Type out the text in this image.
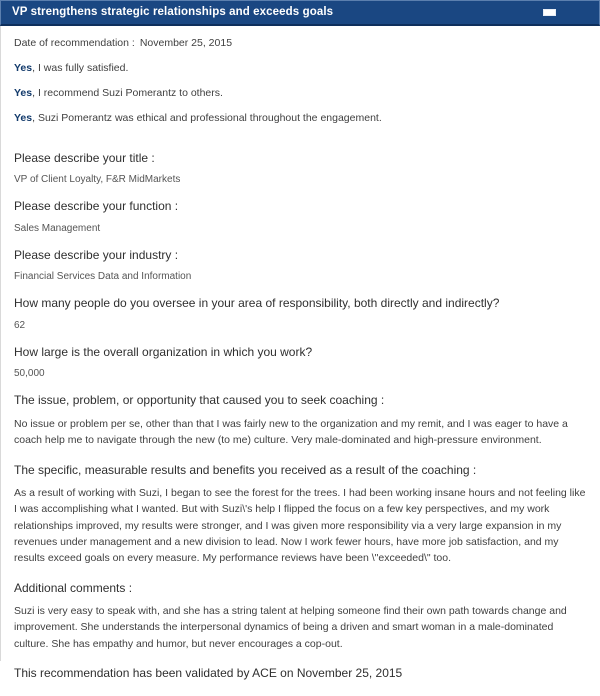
VP strengthens strategic relationships and exceeds goals
Date of recommendation : November 25, 2015
Yes, I was fully satisfied.
Yes, I recommend Suzi Pomerantz to others.
Yes, Suzi Pomerantz was ethical and professional throughout the engagement.
Please describe your title :
VP of Client Loyalty, F&R MidMarkets
Please describe your function :
Sales Management
Please describe your industry :
Financial Services Data and Information
How many people do you oversee in your area of responsibility, both directly and indirectly?
62
How large is the overall organization in which you work?
50,000
The issue, problem, or opportunity that caused you to seek coaching :
No issue or problem per se, other than that I was fairly new to the organization and my remit, and I was eager to have a coach help me to navigate through the new (to me) culture. Very male-dominated and high-pressure environment.
The specific, measurable results and benefits you received as a result of the coaching :
As a result of working with Suzi, I began to see the forest for the trees. I had been working insane hours and not feeling like I was accomplishing what I wanted. But with Suzi\'s help I flipped the focus on a few key perspectives, and my work relationships improved, my results were stronger, and I was given more responsibility via a very large expansion in my revenues under management and a new division to lead. Now I work fewer hours, have more job satisfaction, and my results exceed goals on every measure. My performance reviews have been \"exceeded\" too.
Additional comments :
Suzi is very easy to speak with, and she has a string talent at helping someone find their own path towards change and improvement. She understands the interpersonal dynamics of being a driven and smart woman in a male-dominated culture. She has empathy and humor, but never encourages a cop-out.
This recommendation has been validated by ACE on November 25, 2015
